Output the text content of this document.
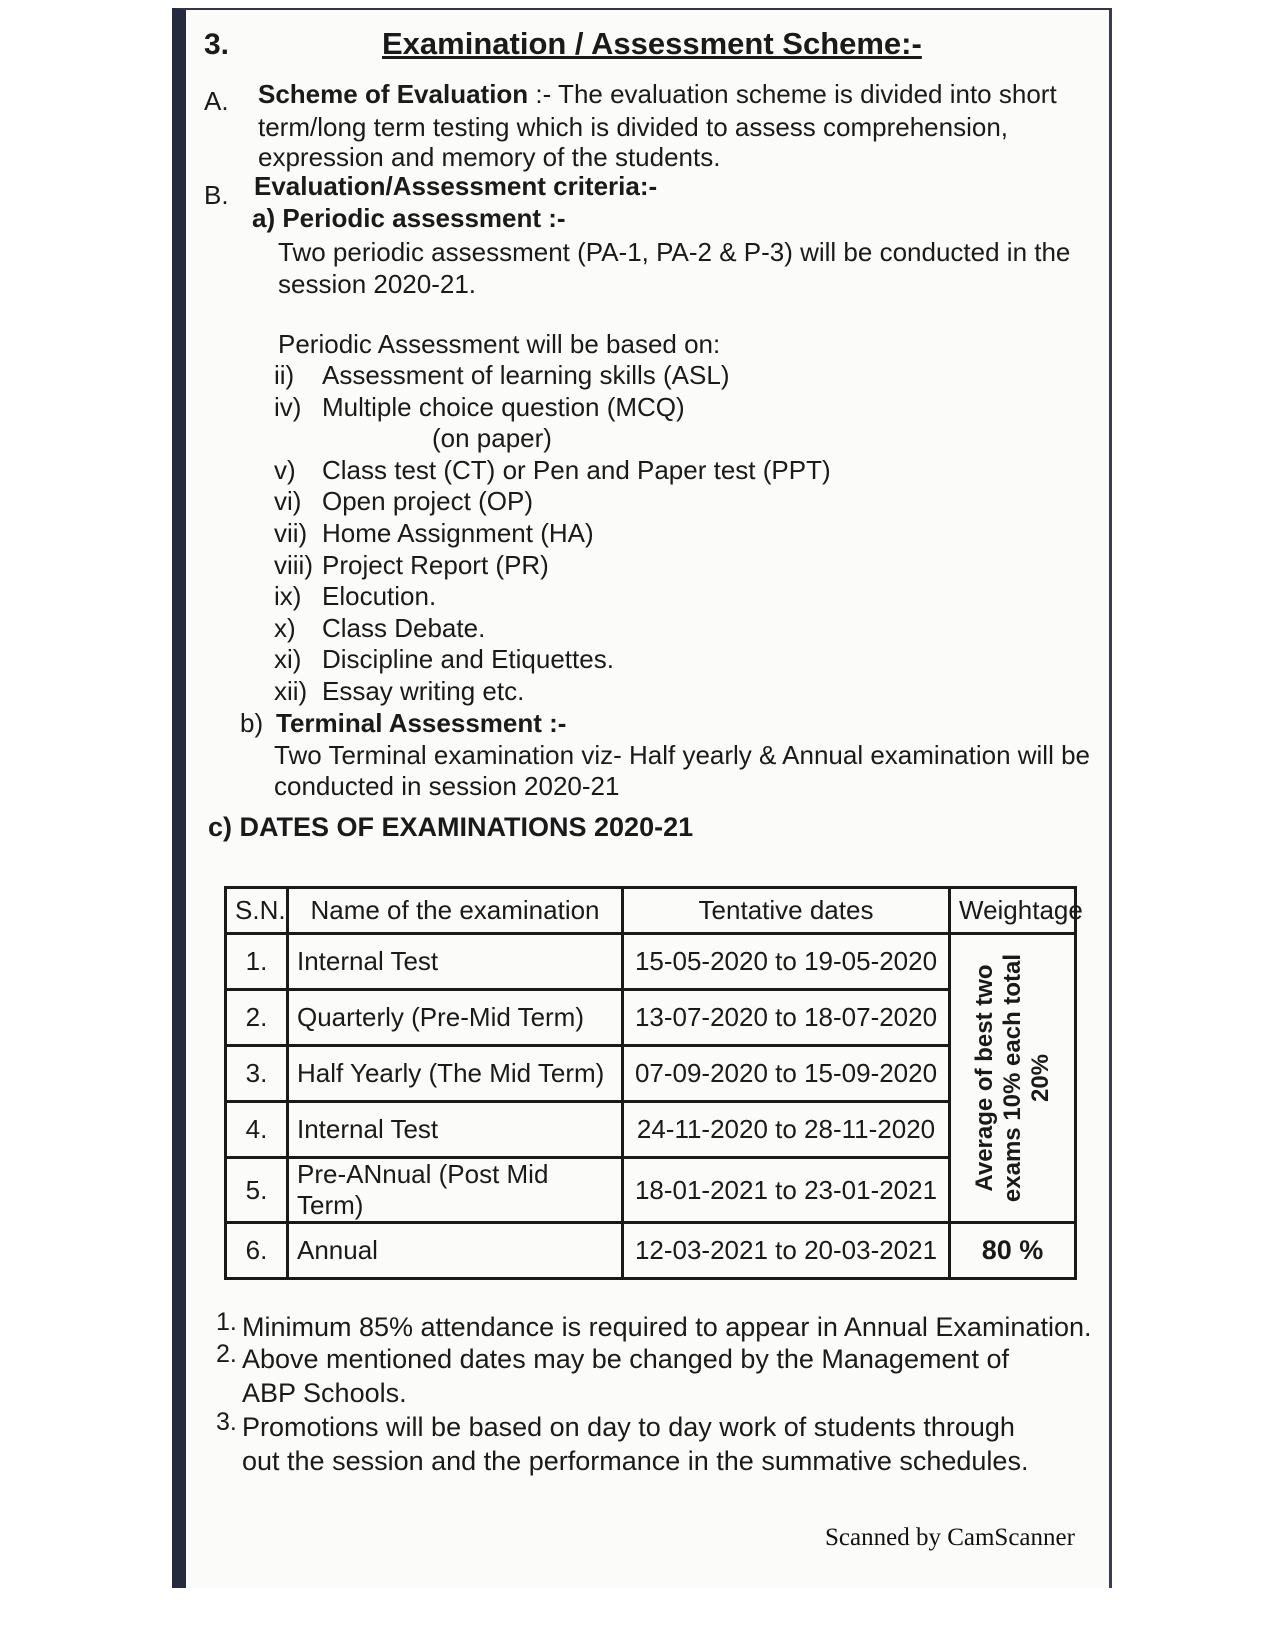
3.	Examination / Assessment Scheme:-
A. Scheme of Evaluation :- The evaluation scheme is divided into short
term/long term testing which is divided to assess comprehension,
expression and memory of the students.
B. Evaluation/Assessment criteria:-
a) Periodic assessment :-
Two periodic assessment (PA-1, PA-2 & P-3) will be conducted in the
session 2020-21.
Periodic Assessment will be based on:
ii) Assessment of learning skills (ASL)
iv) Multiple choice question (MCQ)
(on paper)
v) Class test (CT) or Pen and Paper test (PPT)
vi) Open project (OP)
vii) Home Assignment (HA)
viii) Project Report (PR)
ix) Elocution.
x) Class Debate.
xi) Discipline and Etiquettes.
xii) Essay writing etc.
b) Terminal Assessment :-
Two Terminal examination viz- Half yearly & Annual examination will be
conducted in session 2020-21
c) DATES OF EXAMINATIONS 2020-21
S.N.	Name of the examination	Tentative dates	Weightage
1.	Internal Test	15-05-2020 to 19-05-2020	Average of best two exams 10% each total 20%

2.	Quarterly (Pre-Mid Term)	13-07-2020 to 18-07-2020	
3.	Half Yearly (The Mid Term)	07-09-2020 to 15-09-2020	
4.	Internal Test	24-11-2020 to 28-11-2020	
5.	Pre-ANnual (Post Mid Term)	18-01-2021 to 23-01-2021	
6.	Annual	12-03-2021 to 20-03-2021	80 %
1. Minimum 85% attendance is required to appear in Annual Examination.
2. Above mentioned dates may be changed by the Management of
ABP Schools.
3. Promotions will be based on day to day work of students through
out the session and the performance in the summative schedules.
Scanned by CamScanner
